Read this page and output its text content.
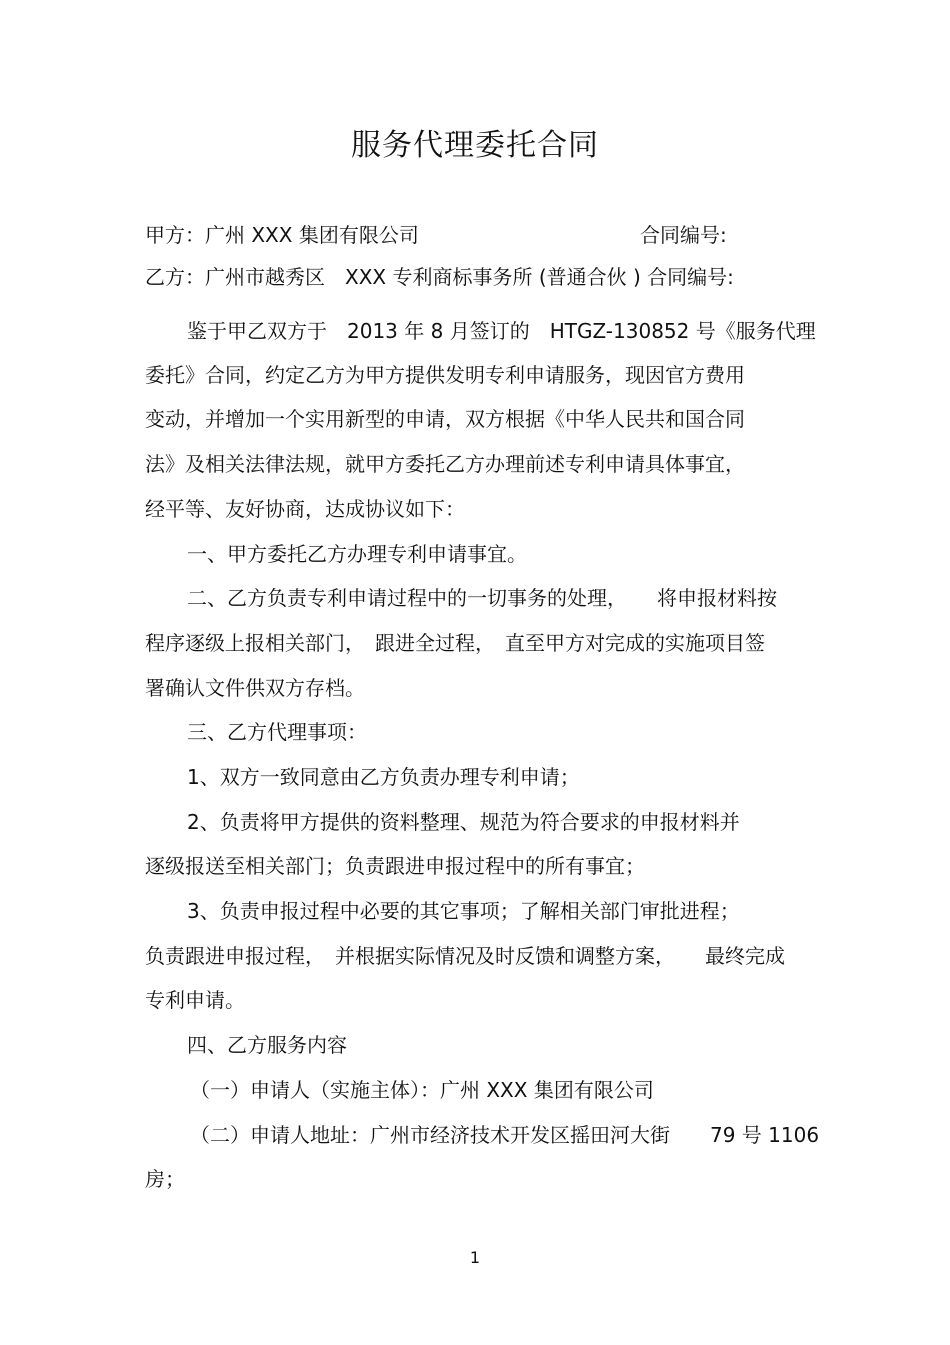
服务代理委托合同
甲方：广州 XXX 集团有限公司	合同编号:
乙方：广州市越秀区　XXX 专利商标事务所 (普通合伙 ) 合同编号:
鉴于甲乙双方于　2013 年 8 月签订的　HTGZ-130852 号《服务代理
委托》合同，约定乙方为甲方提供发明专利申请服务，现因官方费用
变动，并增加一个实用新型的申请，双方根据《中华人民共和国合同
法》及相关法律法规，就甲方委托乙方办理前述专利申请具体事宜，
经平等、友好协商，达成协议如下：
一、甲方委托乙方办理专利申请事宜。
二、乙方负责专利申请过程中的一切事务的处理，　　将申报材料按
程序逐级上报相关部门，　跟进全过程，　直至甲方对完成的实施项目签
署确认文件供双方存档。
三、乙方代理事项：
1、双方一致同意由乙方负责办理专利申请；
2、负责将甲方提供的资料整理、规范为符合要求的申报材料并
逐级报送至相关部门；负责跟进申报过程中的所有事宜；
3、负责申报过程中必要的其它事项；了解相关部门审批进程；
负责跟进申报过程，　并根据实际情况及时反馈和调整方案，　　最终完成
专利申请。
四、乙方服务内容
（一）申请人（实施主体）：广州 XXX 集团有限公司
（二）申请人地址：广州市经济技术开发区摇田河大街　　79 号 1106
房；
1
